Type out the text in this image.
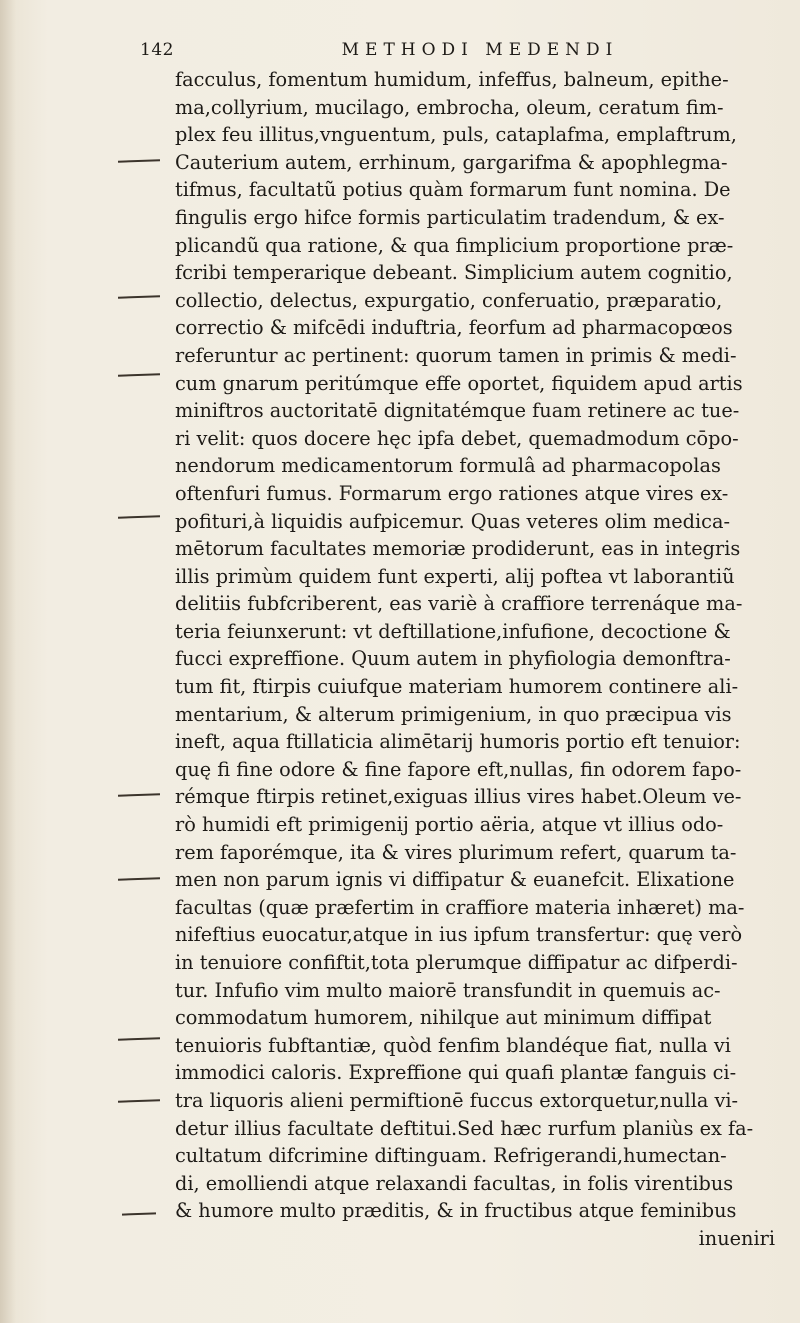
142	METHODI MEDENDI
facculus, fomentum humidum, infeffus, balneum, epithe-
ma,collyrium, mucilago, embrocha, oleum, ceratum fim-
plex feu illitus,vnguentum, puls, cataplafma, emplaftrum,
Cauterium autem, errhinum, gargarifma & apophlegma-
tifmus, facultatũ potius quàm formarum funt nomina. De
fingulis ergo hifce formis particulatim tradendum, & ex-
plicandũ qua ratione, & qua fimplicium proportione præ-
fcribi temperarique debeant. Simplicium autem cognitio,
collectio, delectus, expurgatio, conferuatio, præparatio,
correctio & mifcēdi induftria, feorfum ad pharmacopœos
referuntur ac pertinent: quorum tamen in primis & medi-
cum gnarum peritúmque effe oportet, fiquidem apud artis
miniftros auctoritatē dignitatémque fuam retinere ac tue-
ri velit: quos docere hęc ipfa debet, quemadmodum cōpo-
nendorum medicamentorum formulâ ad pharmacopolas
oftenfuri fumus. Formarum ergo rationes atque vires ex-
pofituri,à liquidis aufpicemur. Quas veteres olim medica-
mētorum facultates memoriæ prodiderunt, eas in integris
illis primùm quidem funt experti, alij poftea vt laborantiũ
delitiis fubfcriberent, eas variè à craffiore terrenáque ma-
teria feiunxerunt: vt deftillatione,infufione, decoctione &
fucci expreffione. Quum autem in phyfiologia demonftra-
tum fit, ftirpis cuiufque materiam humorem continere ali-
mentarium, & alterum primigenium, in quo præcipua vis
ineft, aqua ftillaticia alimētarij humoris portio eft tenuior:
quę fi fine odore & fine fapore eft,nullas, fin odorem fapo-
rémque ftirpis retinet,exiguas illius vires habet.Oleum ve-
rò humidi eft primigenij portio aëria, atque vt illius odo-
rem faporémque, ita & vires plurimum refert, quarum ta-
men non parum ignis vi diffipatur & euanefcit. Elixatione
facultas (quæ præfertim in craffiore materia inhæret) ma-
nifeftius euocatur,atque in ius ipfum transfertur: quę verò
in tenuiore confiftit,tota plerumque diffipatur ac difperdi-
tur. Infufio vim multo maiorē transfundit in quemuis ac-
commodatum humorem, nihilque aut minimum diffipat
tenuioris fubftantiæ, quòd fenfim blandéque fiat, nulla vi
immodici caloris. Expreffione qui quafi plantæ fanguis ci-
tra liquoris alieni permiftionē fuccus extorquetur,nulla vi-
detur illius facultate deftitui.Sed hæc rurfum planiùs ex fa-
cultatum difcrimine diftinguam. Refrigerandi,humectan-
di, emolliendi atque relaxandi facultas, in folis virentibus
& humore multo præditis, & in fructibus atque feminibus
inueniri
